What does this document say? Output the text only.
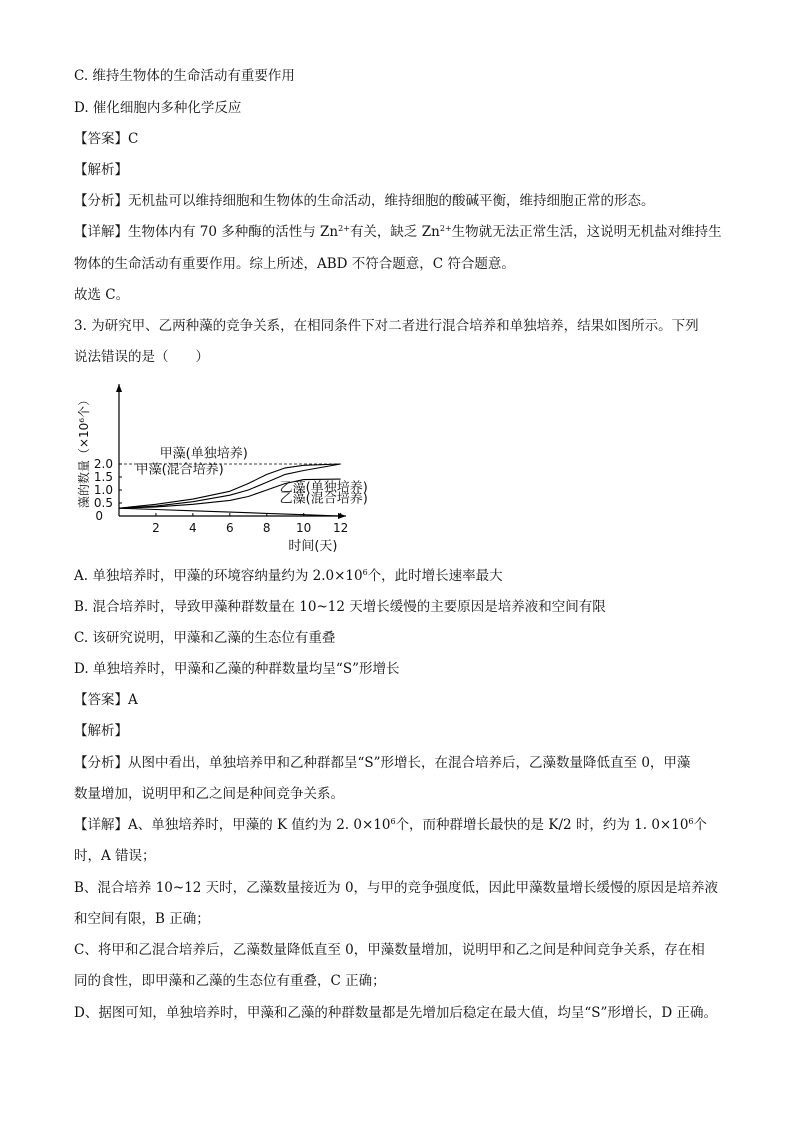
C. 维持生物体的生命活动有重要作用
D. 催化细胞内多种化学反应
【答案】C
【解析】
【分析】无机盐可以维持细胞和生物体的生命活动，维持细胞的酸碱平衡，维持细胞正常的形态。
【详解】生物体内有 70 多种酶的活性与 $Zn^{2+}$有关，缺乏 $Zn^{2+}$生物就无法正常生活，这说明无机盐对维持生
物体的生命活动有重要作用。综上所述，ABD 不符合题意，C 符合题意。
故选 C。
3. 为研究甲、乙两种藻的竞争关系，在相同条件下对二者进行混合培养和单独培养，结果如图所示。下列
说法错误的是（　　）
2 4 6 8 10 12
0
0.5
1.0
1.5
2.0
甲藻(单独培养)
甲藻(混合培养)
乙藻(单独培养)
乙藻(混合培养)
时间(天)
藻的数量（×10⁶个）
A. 单独培养时，甲藻的环境容纳量约为 $2.0\times 10^6$个，此时增长速率最大
B. 混合培养时，导致甲藻种群数量在 10~12 天增长缓慢的主要原因是培养液和空间有限
C. 该研究说明，甲藻和乙藻的生态位有重叠
D. 单独培养时，甲藻和乙藻的种群数量均呈“S”形增长
【答案】A
【解析】
【分析】从图中看出，单独培养甲和乙种群都呈“S”形增长，在混合培养后，乙藻数量降低直至 0，甲藻
数量增加，说明甲和乙之间是种间竞争关系。
【详解】A、单独培养时，甲藻的 K 值约为 2. $0\times 10^6$个，而种群增长最快的是 K/2 时，约为 1. $0\times 10^6$个
时，A 错误；
B、混合培养 10~12 天时，乙藻数量接近为 0，与甲的竞争强度低，因此甲藻数量增长缓慢的原因是培养液
和空间有限，B 正确；
C、将甲和乙混合培养后，乙藻数量降低直至 0，甲藻数量增加，说明甲和乙之间是种间竞争关系，存在相
同的食性，即甲藻和乙藻的生态位有重叠，C 正确；
D、据图可知，单独培养时，甲藻和乙藻的种群数量都是先增加后稳定在最大值，均呈“S”形增长，D 正确。
